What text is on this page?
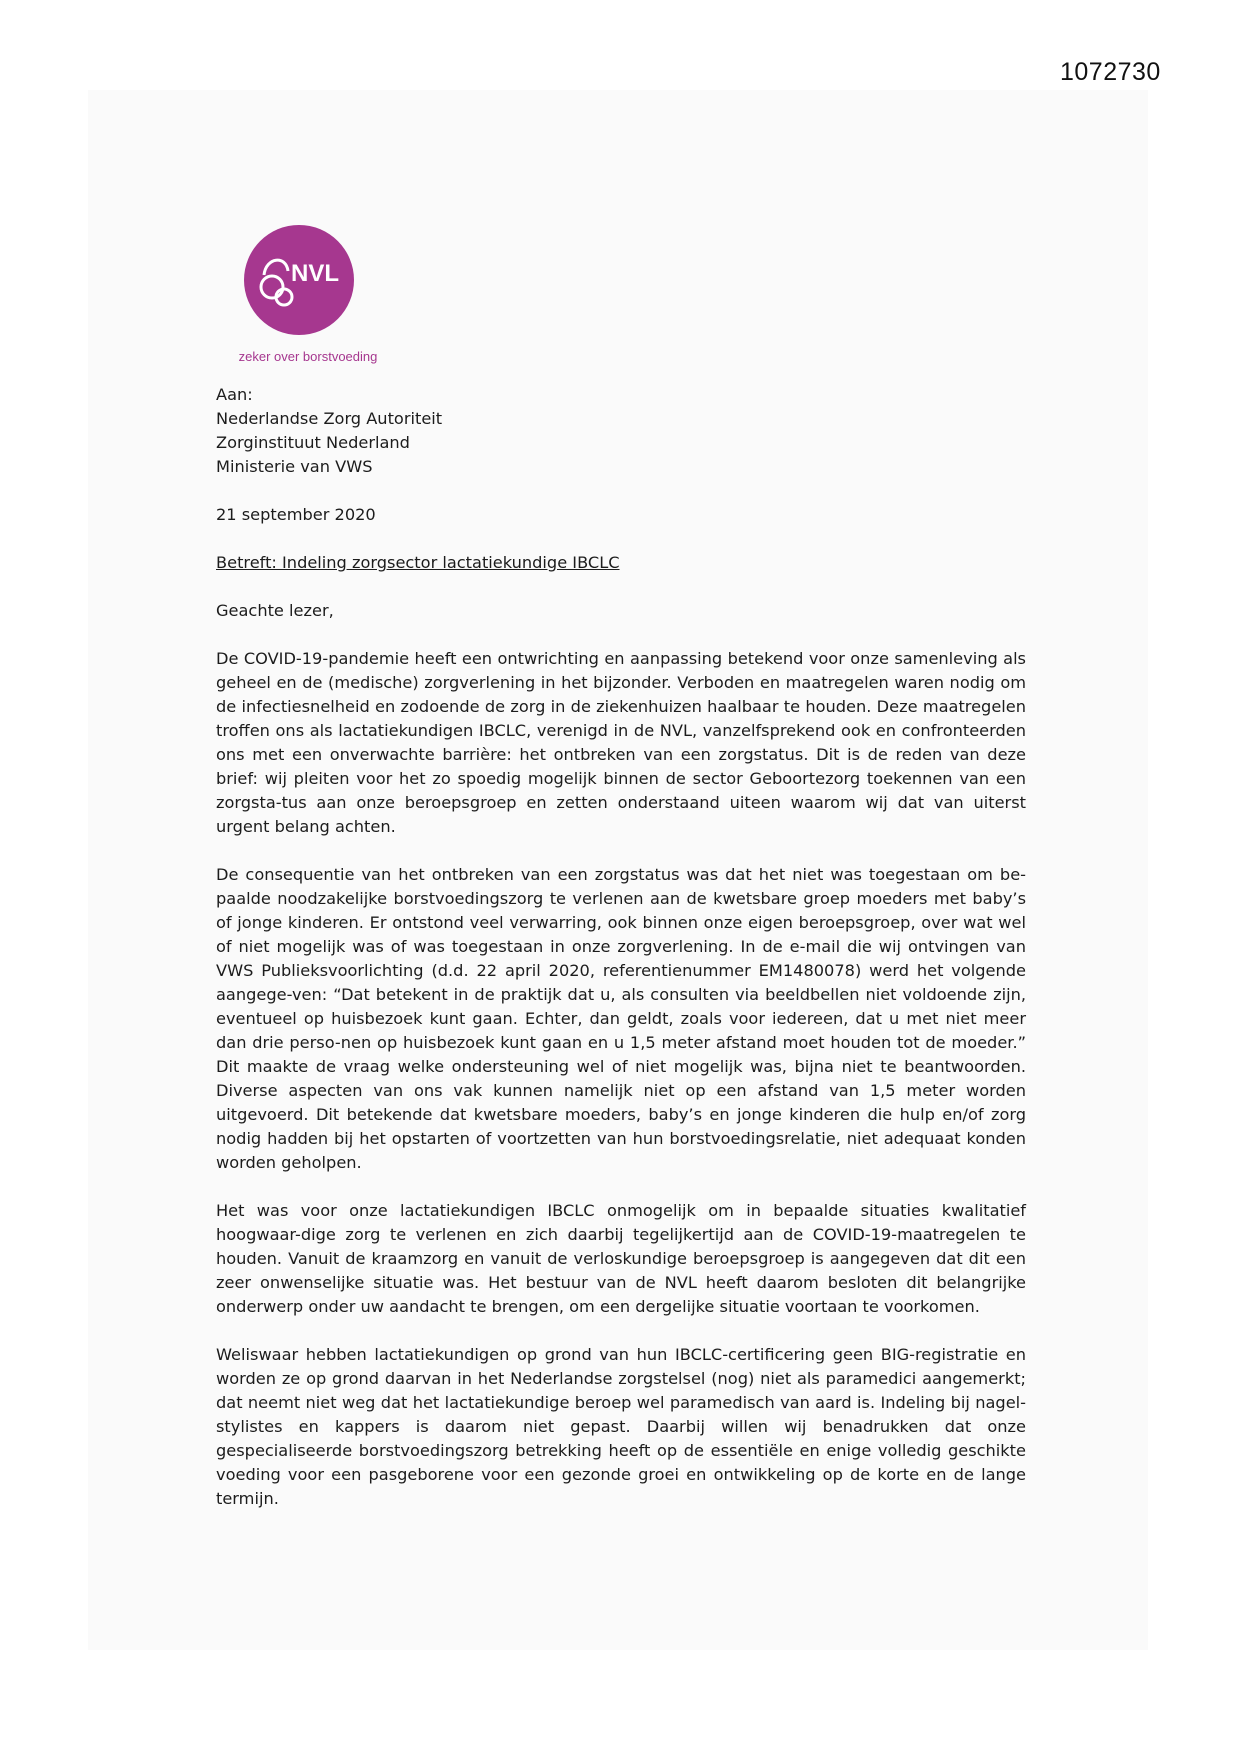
1072730
NVL
zeker over borstvoeding

Aan:

Nederlandse Zorg Autoriteit

Zorginstituut Nederland

Ministerie van VWS

21 september 2020

Betreft: Indeling zorgsector lactatiekundige IBCLC

Geachte lezer,

De COVID-19-pandemie heeft een ontwrichting en aanpassing betekend voor onze samenleving als geheel en de (medische) zorgverlening in het bijzonder. Verboden en maatregelen waren nodig om de infectiesnelheid en zodoende de zorg in de ziekenhuizen haalbaar te houden. Deze maatregelen troffen ons als lactatiekundigen IBCLC, verenigd in de NVL, vanzelfsprekend ook en confronteerden ons met een onverwachte barrière: het ontbreken van een zorgstatus. Dit is de reden van deze brief: wij pleiten voor het zo spoedig mogelijk binnen de sector Geboortezorg toekennen van een zorgsta-tus aan onze beroepsgroep en zetten onderstaand uiteen waarom wij dat van uiterst urgent belang achten.

De consequentie van het ontbreken van een zorgstatus was dat het niet was toegestaan om be-paalde noodzakelijke borstvoedingszorg te verlenen aan de kwetsbare groep moeders met baby’s of jonge kinderen. Er ontstond veel verwarring, ook binnen onze eigen beroepsgroep, over wat wel of niet mogelijk was of was toegestaan in onze zorgverlening. In de e-mail die wij ontvingen van VWS Publieksvoorlichting (d.d. 22 april 2020, referentienummer EM1480078) werd het volgende aangege-ven: “Dat betekent in de praktijk dat u, als consulten via beeldbellen niet voldoende zijn, eventueel op huisbezoek kunt gaan. Echter, dan geldt, zoals voor iedereen, dat u met niet meer dan drie perso-nen op huisbezoek kunt gaan en u 1,5 meter afstand moet houden tot de moeder.” Dit maakte de vraag welke ondersteuning wel of niet mogelijk was, bijna niet te beantwoorden. Diverse aspecten van ons vak kunnen namelijk niet op een afstand van 1,5 meter worden uitgevoerd. Dit betekende dat kwetsbare moeders, baby’s en jonge kinderen die hulp en/of zorg nodig hadden bij het opstarten of voortzetten van hun borstvoedingsrelatie, niet adequaat konden worden geholpen.

Het was voor onze lactatiekundigen IBCLC onmogelijk om in bepaalde situaties kwalitatief hoogwaar-dige zorg te verlenen en zich daarbij tegelijkertijd aan de COVID-19-maatregelen te houden. Vanuit de kraamzorg en vanuit de verloskundige beroepsgroep is aangegeven dat dit een zeer onwenselijke situatie was. Het bestuur van de NVL heeft daarom besloten dit belangrijke onderwerp onder uw aandacht te brengen, om een dergelijke situatie voortaan te voorkomen.

Weliswaar hebben lactatiekundigen op grond van hun IBCLC-certificering geen BIG-registratie en worden ze op grond daarvan in het Nederlandse zorgstelsel (nog) niet als paramedici aangemerkt; dat neemt niet weg dat het lactatiekundige beroep wel paramedisch van aard is. Indeling bij nagel-stylistes en kappers is daarom niet gepast. Daarbij willen wij benadrukken dat onze gespecialiseerde borstvoedingszorg betrekking heeft op de essentiële en enige volledig geschikte voeding voor een pasgeborene voor een gezonde groei en ontwikkeling op de korte en de lange termijn.
